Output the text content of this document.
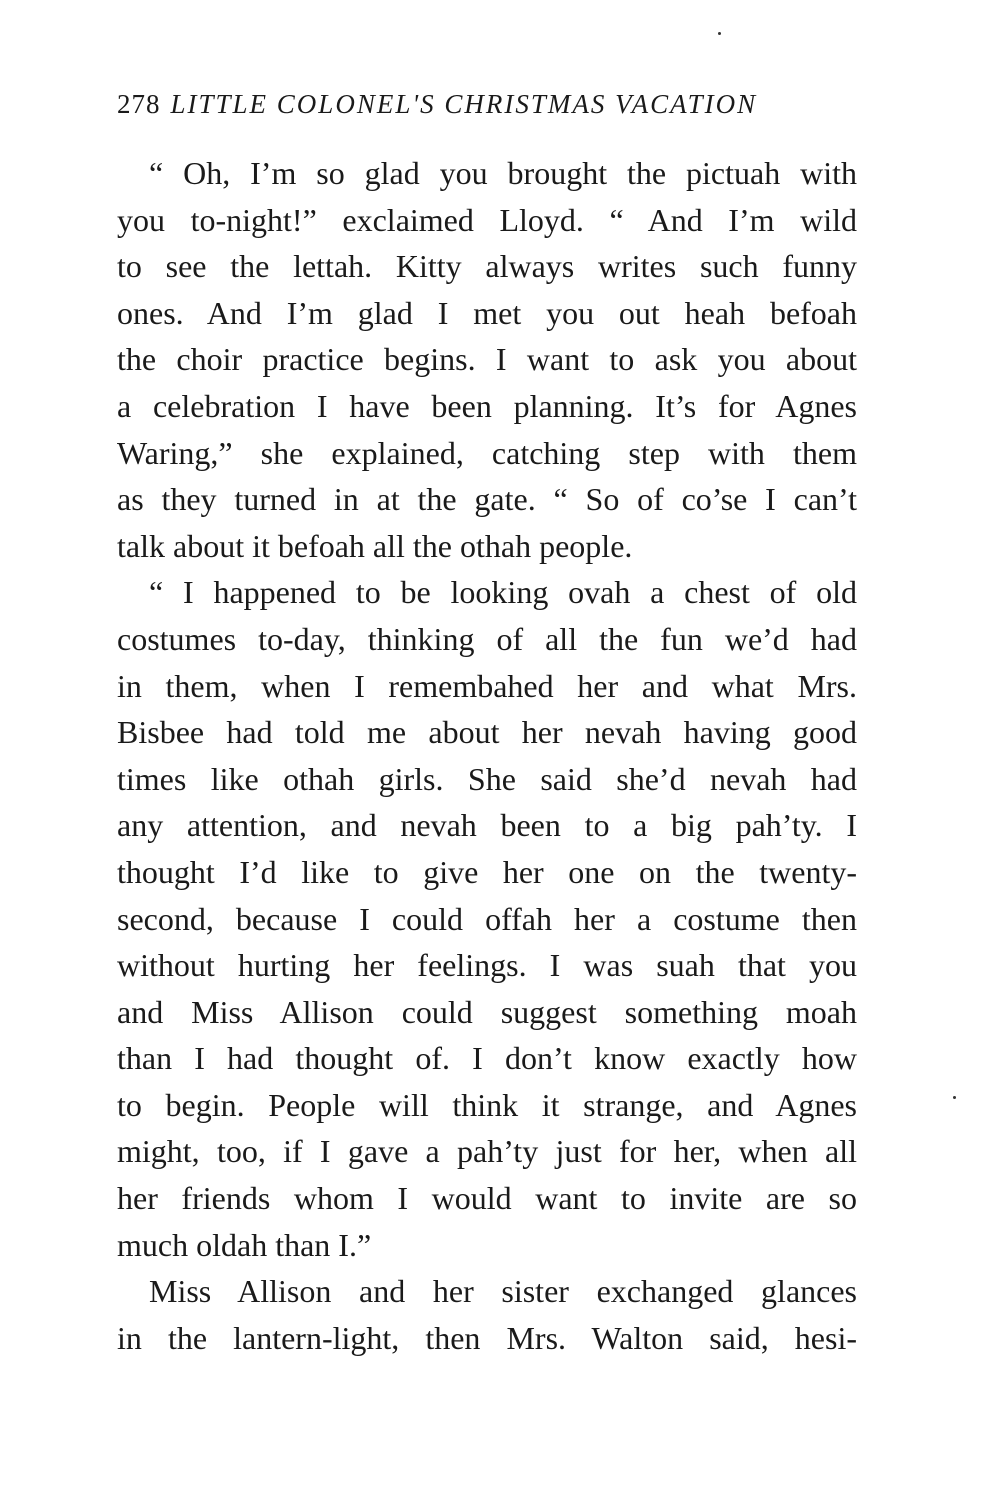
278 LITTLE COLONEL'S CHRISTMAS VACATION
“ Oh, I’m so glad you brought the pictuah with
you to-night!” exclaimed Lloyd. “ And I’m wild
to see the lettah. Kitty always writes such funny
ones. And I’m glad I met you out heah befoah
the choir practice begins. I want to ask you about
a celebration I have been planning. It’s for Agnes
Waring,” she explained, catching step with them
as they turned in at the gate. “ So of co’se I can’t
talk about it befoah all the othah people.
“ I happened to be looking ovah a chest of old
costumes to-day, thinking of all the fun we’d had
in them, when I remembahed her and what Mrs.
Bisbee had told me about her nevah having good
times like othah girls. She said she’d nevah had
any attention, and nevah been to a big pah’ty. I
thought I’d like to give her one on the twenty-
second, because I could offah her a costume then
without hurting her feelings. I was suah that you
and Miss Allison could suggest something moah
than I had thought of. I don’t know exactly how
to begin. People will think it strange, and Agnes
might, too, if I gave a pah’ty just for her, when all
her friends whom I would want to invite are so
much oldah than I.”
Miss Allison and her sister exchanged glances
in the lantern-light, then Mrs. Walton said, hesi-
